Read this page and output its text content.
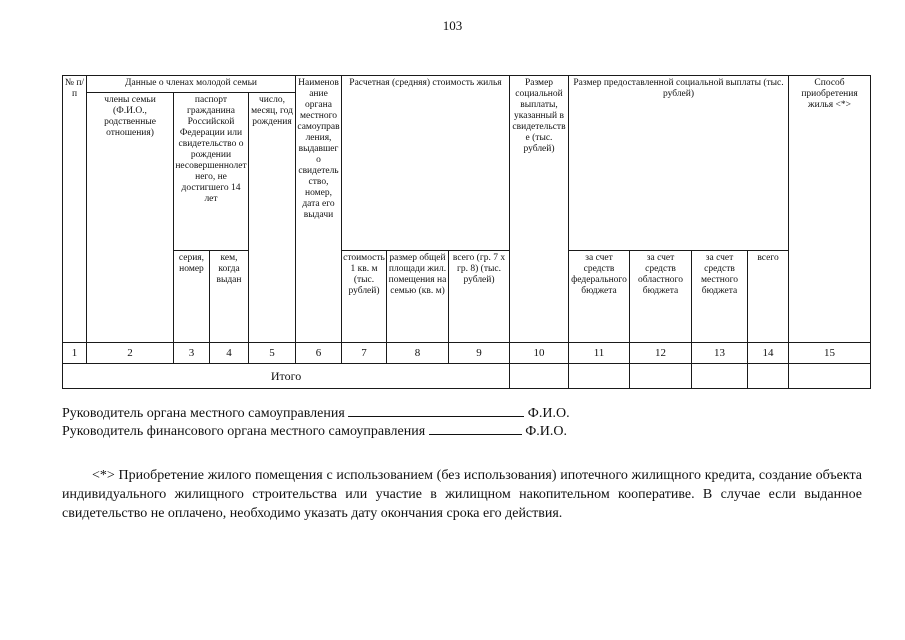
103
№ п/п	Данные о членах молодой семьи				Наименование органа местного самоуправления, выдавшего свидетельство, номер, дата его выдачи	Расчетная (средняя) стоимость жилья			Размер социальной выплаты, указанный в свидетельстве (тыс. рублей)	Размер предоставленной социальной выплаты (тыс. рублей)				Способ приобретения жилья <*>
	члены семьи (Ф.И.О., родственные отношения)	паспорт гражданина Российской Федерации или свидетельство о рождении несовершеннолетнего, не достигшего 14 лет		число, месяц, год рождения										
		серия, номер	кем, когда выдан			стоимость 1 кв. м (тыс. рублей)	размер общей площади жил. помещения на семью (кв. м)	всего (гр. 7 x гр. 8) (тыс. рублей)		за счет средств федерального бюджета	за счет средств областного бюджета	за счет средств местного бюджета	всего	
1	2	3	4	5	6	7	8	9	10	11	12	13	14	15
Итого														
Руководитель органа местного самоуправления	Ф.И.О.
Руководитель финансового органа местного самоуправления	Ф.И.О.
<*> Приобретение жилого помещения с использованием (без использования) ипотечного жилищного кредита, создание объекта индивидуального жилищного строительства или участие в жилищном накопительном кооперативе. В случае если выданное свидетельство не оплачено, необходимо указать дату окончания срока его действия.
